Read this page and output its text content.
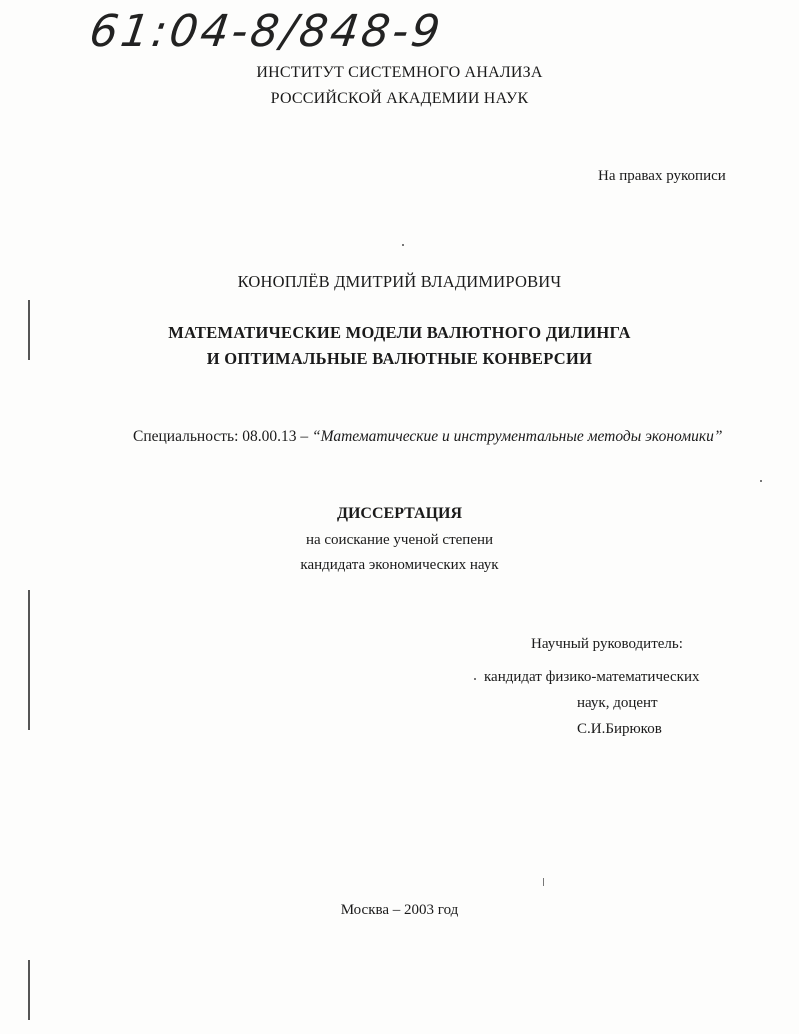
61:04-8/848-9
ИНСТИТУТ СИСТЕМНОГО АНАЛИЗА
РОССИЙСКОЙ АКАДЕМИИ НАУК
На правах рукописи
КОНОПЛЁВ ДМИТРИЙ ВЛАДИМИРОВИЧ
МАТЕМАТИЧЕСКИЕ МОДЕЛИ ВАЛЮТНОГО ДИЛИНГА
И ОПТИМАЛЬНЫЕ ВАЛЮТНЫЕ КОНВЕРСИИ
Специальность: 08.00.13 – “Математические и инструментальные методы экономики”
ДИССЕРТАЦИЯ
на соискание ученой степени
кандидата экономических наук
Научный руководитель:
кандидат физико-математических
наук, доцент
С.И.Бирюков
Москва – 2003 год
